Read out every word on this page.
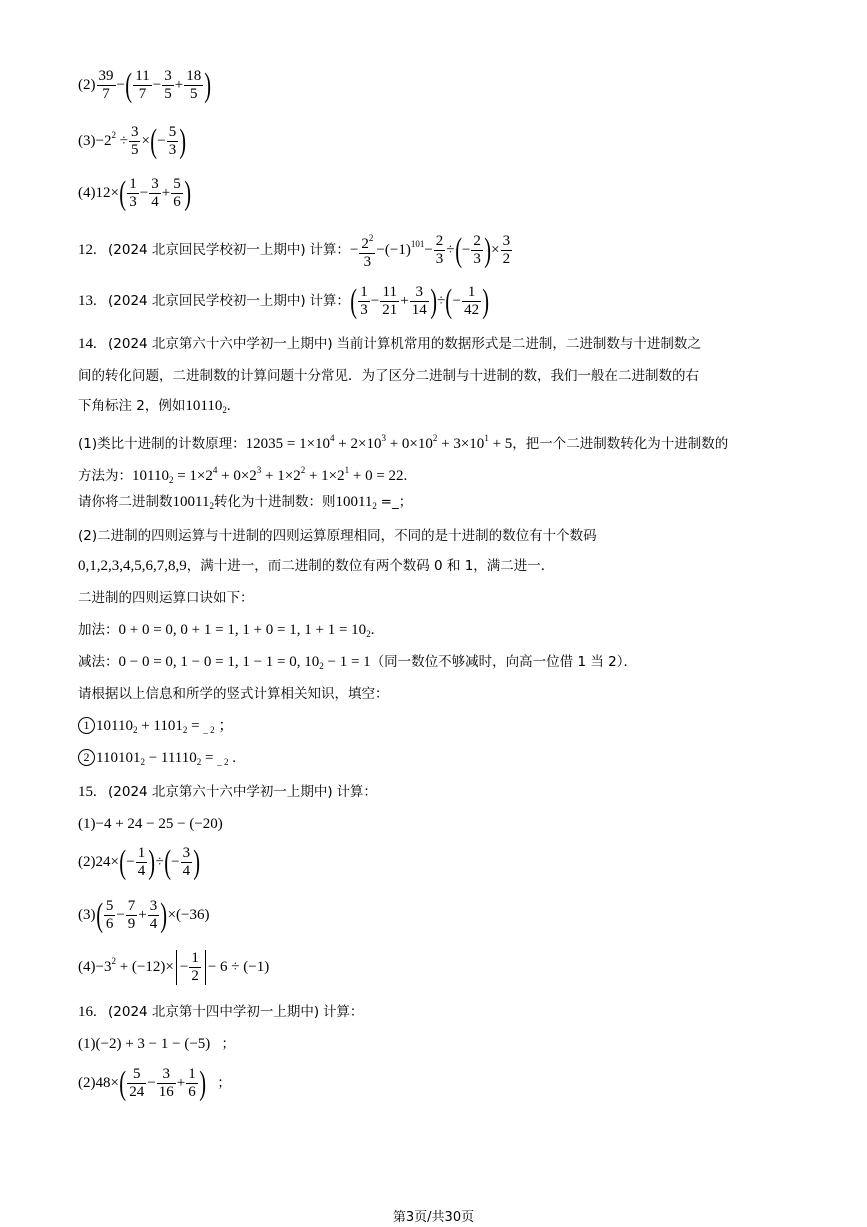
$(2) \frac{39}{7}$ −( $\frac{11}{7} - \frac{3}{5} + \frac{18}{5}$ )
$(3)-2^2 \div \frac{3}{5}$ ×(− $\frac{5}{3}$ )
$(4)12\times( \frac{1}{3} - \frac{3}{4} + \frac{5}{6}$ )
12. (2024 北京回民学校初一上期中) 计算：− $\frac{2^2}{3} -(-1)^{101}- \frac{2}{3}$ ÷(− $\frac{2}{3}$ )× $\frac{3}{2}$
13. (2024 北京回民学校初一上期中) 计算：( $\frac{1}{3} - \frac{11}{21} + \frac{3}{14}$ )÷(− $\frac{1}{42}$ )
14. (2024 北京第六十六中学初一上期中) 当前计算机常用的数据形式是二进制，二进制数与十进制数之
间的转化问题，二进制数的计算问题十分常见．为了区分二进制与十进制的数，我们一般在二进制数的右
下角标注 2，例如$10110_2$.
(1)类比十进制的计数原理：$12035 = 1\times 10^4 + 2\times 10^3 + 0\times 10^2 + 3\times 10^1 + 5$，把一个二进制数转化为十进制数的
方法为：$10110_2 = 1\times 2^4 + 0\times 2^3 + 1\times 2^2 + 1\times 2^1 + 0 = 22$.
请你将二进制数$10011_2$转化为十进制数：则$10011_2$ =_；
(2)二进制的四则运算与十进制的四则运算原理相同，不同的是十进制的数位有十个数码
0,1,2,3,4,5,6,7,8,9，满十进一，而二进制的数位有两个数码 0 和 1，满二进一．
二进制的四则运算口诀如下：
加法：0 + 0 = 0, 0 + 1 = 1, 1 + 0 = 1, $1 + 1 = 10_2$.
减法：0 − 0 = 0, 1 − 0 = 1, 1 − 1 = 0, $10_2 - 1 = 1$（同一数位不够减时，向高一位借 1 当 2）．
请根据以上信息和所学的竖式计算相关知识，填空：
1 $10110_2 + 1101_2 = _{\_ 2}$ ；
2 $110101_2 - 11110_2 = _{\_ 2}$ .
15. (2024 北京第六十六中学初一上期中) 计算：
(1)−4 + 24 − 25 − (−20)
$(2)24\times(- \frac{1}{4}$ )÷(− $\frac{3}{4}$ )
$(3)( \frac{5}{6} - \frac{7}{9} + \frac{3}{4} )\times(-36)$
$(4)-3^2 + (-12)\times - \frac{1}{2} - 6 \div (-1)$
16. (2024 北京第十四中学初一上期中) 计算：
(1)(−2) + 3 − 1 − (−5)   ；
$(2)48\times( \frac{5}{24} - \frac{3}{16} + \frac{1}{6}$ ) ；
第3页/共30页
